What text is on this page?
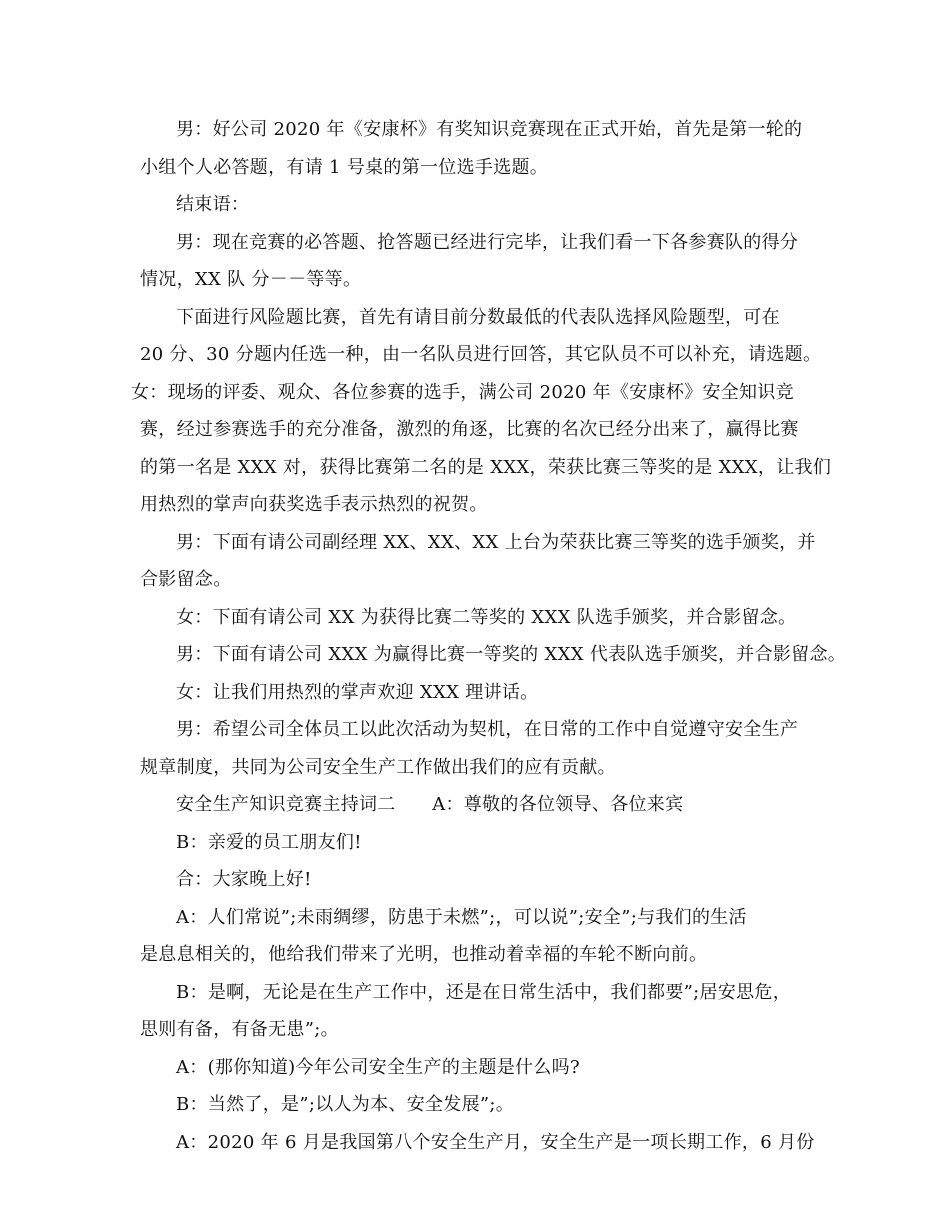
男：好公司 2020 年《安康杯》有奖知识竞赛现在正式开始，首先是第一轮的
小组个人必答题，有请 1 号桌的第一位选手选题。
结束语：
男：现在竞赛的必答题、抢答题已经进行完毕，让我们看一下各参赛队的得分
情况，XX 队 分－－等等。
下面进行风险题比赛，首先有请目前分数最低的代表队选择风险题型，可在
20 分、30 分题内任选一种，由一名队员进行回答，其它队员不可以补充，请选题。
女：现场的评委、观众、各位参赛的选手，满公司 2020 年《安康杯》安全知识竞
赛，经过参赛选手的充分准备，激烈的角逐，比赛的名次已经分出来了，赢得比赛
的第一名是 XXX 对，获得比赛第二名的是 XXX，荣获比赛三等奖的是 XXX，让我们
用热烈的掌声向获奖选手表示热烈的祝贺。
男：下面有请公司副经理 XX、XX、XX 上台为荣获比赛三等奖的选手颁奖，并
合影留念。
女：下面有请公司 XX 为获得比赛二等奖的 XXX 队选手颁奖，并合影留念。
男：下面有请公司 XXX 为赢得比赛一等奖的 XXX 代表队选手颁奖，并合影留念。
女：让我们用热烈的掌声欢迎 XXX 理讲话。
男：希望公司全体员工以此次活动为契机，在日常的工作中自觉遵守安全生产
规章制度，共同为公司安全生产工作做出我们的应有贡献。
安全生产知识竞赛主持词二　　A：尊敬的各位领导、各位来宾
B：亲爱的员工朋友们!
合：大家晚上好!
A：人们常说”;未雨绸缪，防患于未燃”;，可以说”;安全”;与我们的生活
是息息相关的，他给我们带来了光明，也推动着幸福的车轮不断向前。
B：是啊，无论是在生产工作中，还是在日常生活中，我们都要”;居安思危，
思则有备，有备无患”;。
A：(那你知道)今年公司安全生产的主题是什么吗?
B：当然了，是”;以人为本、安全发展”;。
A：2020 年 6 月是我国第八个安全生产月，安全生产是一项长期工作，6 月份
